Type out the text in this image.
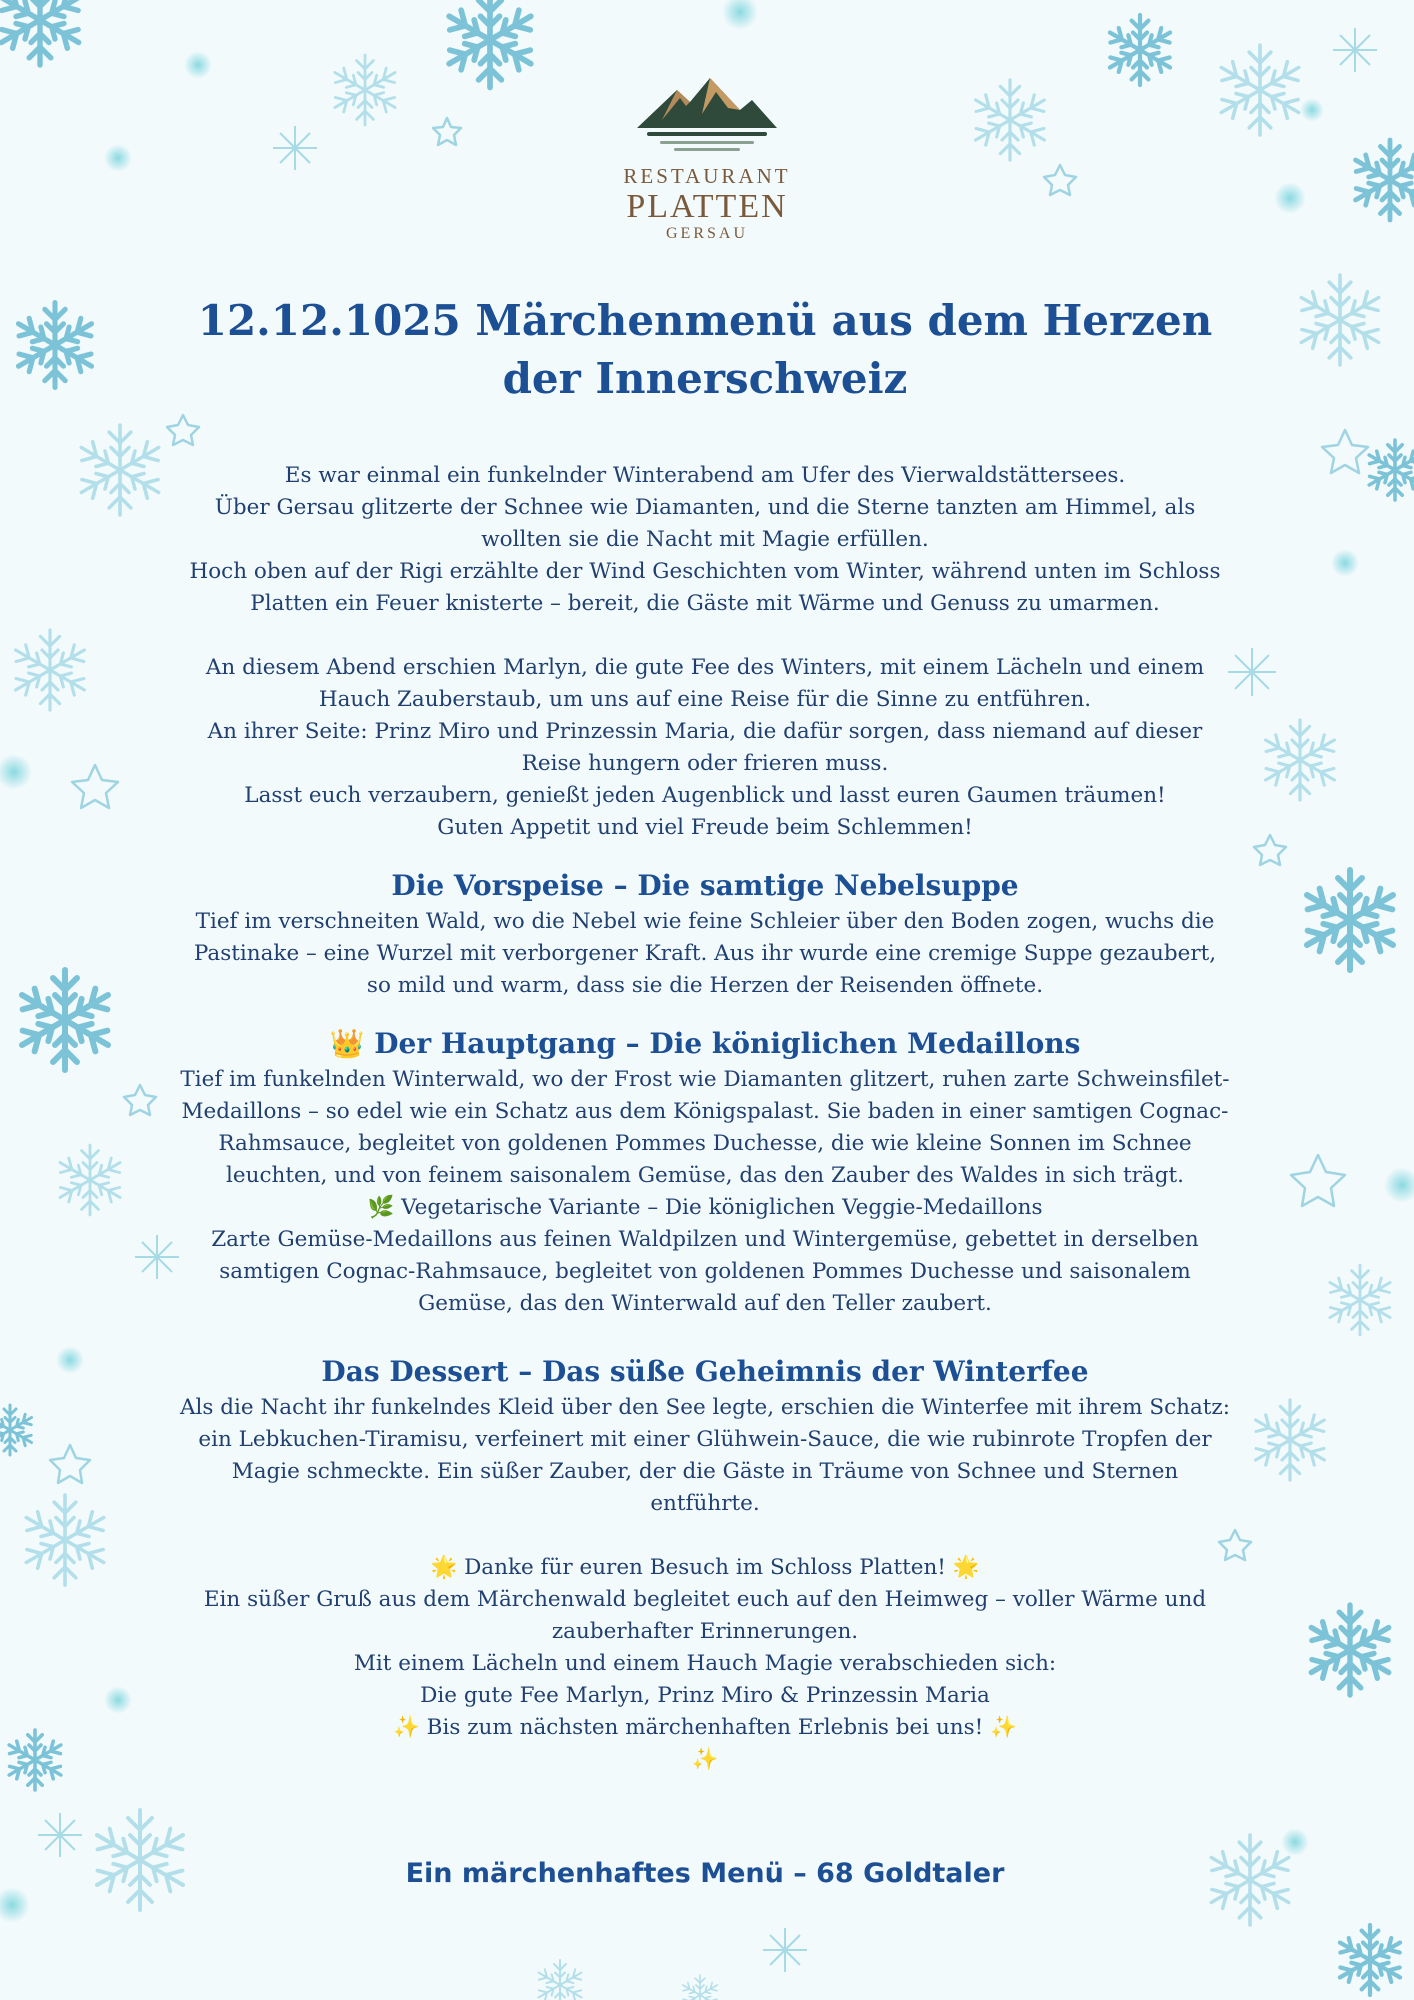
RESTAURANT
PLATTEN
GERSAU
12.12.1025 Märchenmenü aus dem Herzen der Innerschweiz

Es war einmal ein funkelnder Winterabend am Ufer des Vierwaldstättersees.

Über Gersau glitzerte der Schnee wie Diamanten, und die Sterne tanzten am Himmel, als wollten sie die Nacht mit Magie erfüllen.

Hoch oben auf der Rigi erzählte der Wind Geschichten vom Winter, während unten im Schloss Platten ein Feuer knisterte – bereit, die Gäste mit Wärme und Genuss zu umarmen.

An diesem Abend erschien Marlyn, die gute Fee des Winters, mit einem Lächeln und einem Hauch Zauberstaub, um uns auf eine Reise für die Sinne zu entführen.

An ihrer Seite: Prinz Miro und Prinzessin Maria, die dafür sorgen, dass niemand auf dieser Reise hungern oder frieren muss.

Lasst euch verzaubern, genießt jeden Augenblick und lasst euren Gaumen träumen!

Guten Appetit und viel Freude beim Schlemmen!

Die Vorspeise – Die samtige Nebelsuppe

Tief im verschneiten Wald, wo die Nebel wie feine Schleier über den Boden zogen, wuchs die Pastinake – eine Wurzel mit verborgener Kraft. Aus ihr wurde eine cremige Suppe gezaubert, so mild und warm, dass sie die Herzen der Reisenden öffnete.

👑 Der Hauptgang – Die königlichen Medaillons

Tief im funkelnden Winterwald, wo der Frost wie Diamanten glitzert, ruhen zarte Schweinsfilet-Medaillons – so edel wie ein Schatz aus dem Königspalast. Sie baden in einer samtigen Cognac-Rahmsauce, begleitet von goldenen Pommes Duchesse, die wie kleine Sonnen im Schnee leuchten, und von feinem saisonalem Gemüse, das den Zauber des Waldes in sich trägt.

🌿 Vegetarische Variante – Die königlichen Veggie-Medaillons

Zarte Gemüse-Medaillons aus feinen Waldpilzen und Wintergemüse, gebettet in derselben samtigen Cognac-Rahmsauce, begleitet von goldenen Pommes Duchesse und saisonalem Gemüse, das den Winterwald auf den Teller zaubert.

Das Dessert – Das süße Geheimnis der Winterfee

Als die Nacht ihr funkelndes Kleid über den See legte, erschien die Winterfee mit ihrem Schatz: ein Lebkuchen-Tiramisu, verfeinert mit einer Glühwein-Sauce, die wie rubinrote Tropfen der Magie schmeckte. Ein süßer Zauber, der die Gäste in Träume von Schnee und Sternen entführte.

🌟 Danke für euren Besuch im Schloss Platten! 🌟

Ein süßer Gruß aus dem Märchenwald begleitet euch auf den Heimweg – voller Wärme und zauberhafter Erinnerungen.

Mit einem Lächeln und einem Hauch Magie verabschieden sich:

Die gute Fee Marlyn, Prinz Miro & Prinzessin Maria

✨ Bis zum nächsten märchenhaften Erlebnis bei uns! ✨

✨

Ein märchenhaftes Menü – 68 Goldtaler
